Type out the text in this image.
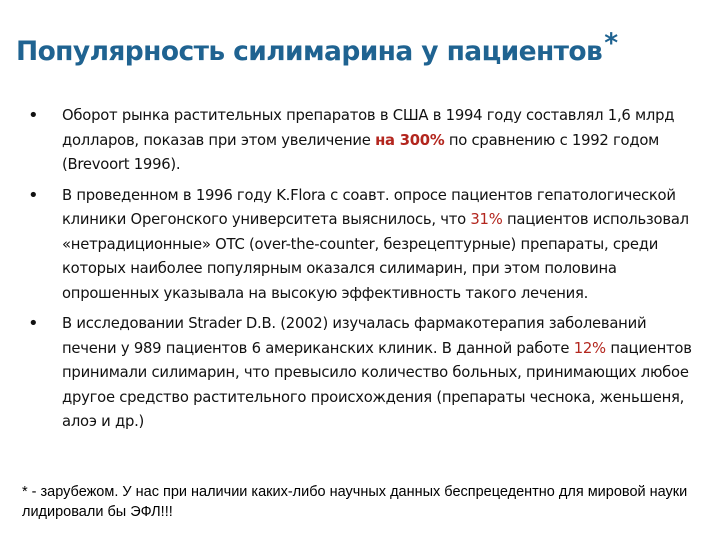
Популярность силимарина у пациентов*
• Оборот рынка растительных препаратов в США в 1994 году составлял 1,6 млрд долларов, показав при этом увеличение на 300% по сравнению с 1992 годом (Brevoort 1996).
• В проведенном в 1996 году K.Flora с соавт. опросе пациентов гепатологической клиники Орегонского университета выяснилось, что 31% пациентов использовал «нетрадиционные» OTC (over-the-counter, безрецептурные) препараты, среди которых наиболее популярным оказался силимарин, при этом половина опрошенных указывала на высокую эффективность такого лечения.
• В исследовании Strader D.B. (2002) изучалась фармакотерапия заболеваний печени у 989 пациентов 6 американских клиник. В данной работе 12% пациентов принимали силимарин, что превысило количество больных, принимающих любое другое средство растительного происхождения (препараты чеснока, женьшеня, алоэ и др.)
* - зарубежом. У нас при наличии каких-либо научных данных беспрецедентно для мировой науки лидировали бы ЭФЛ!!!
